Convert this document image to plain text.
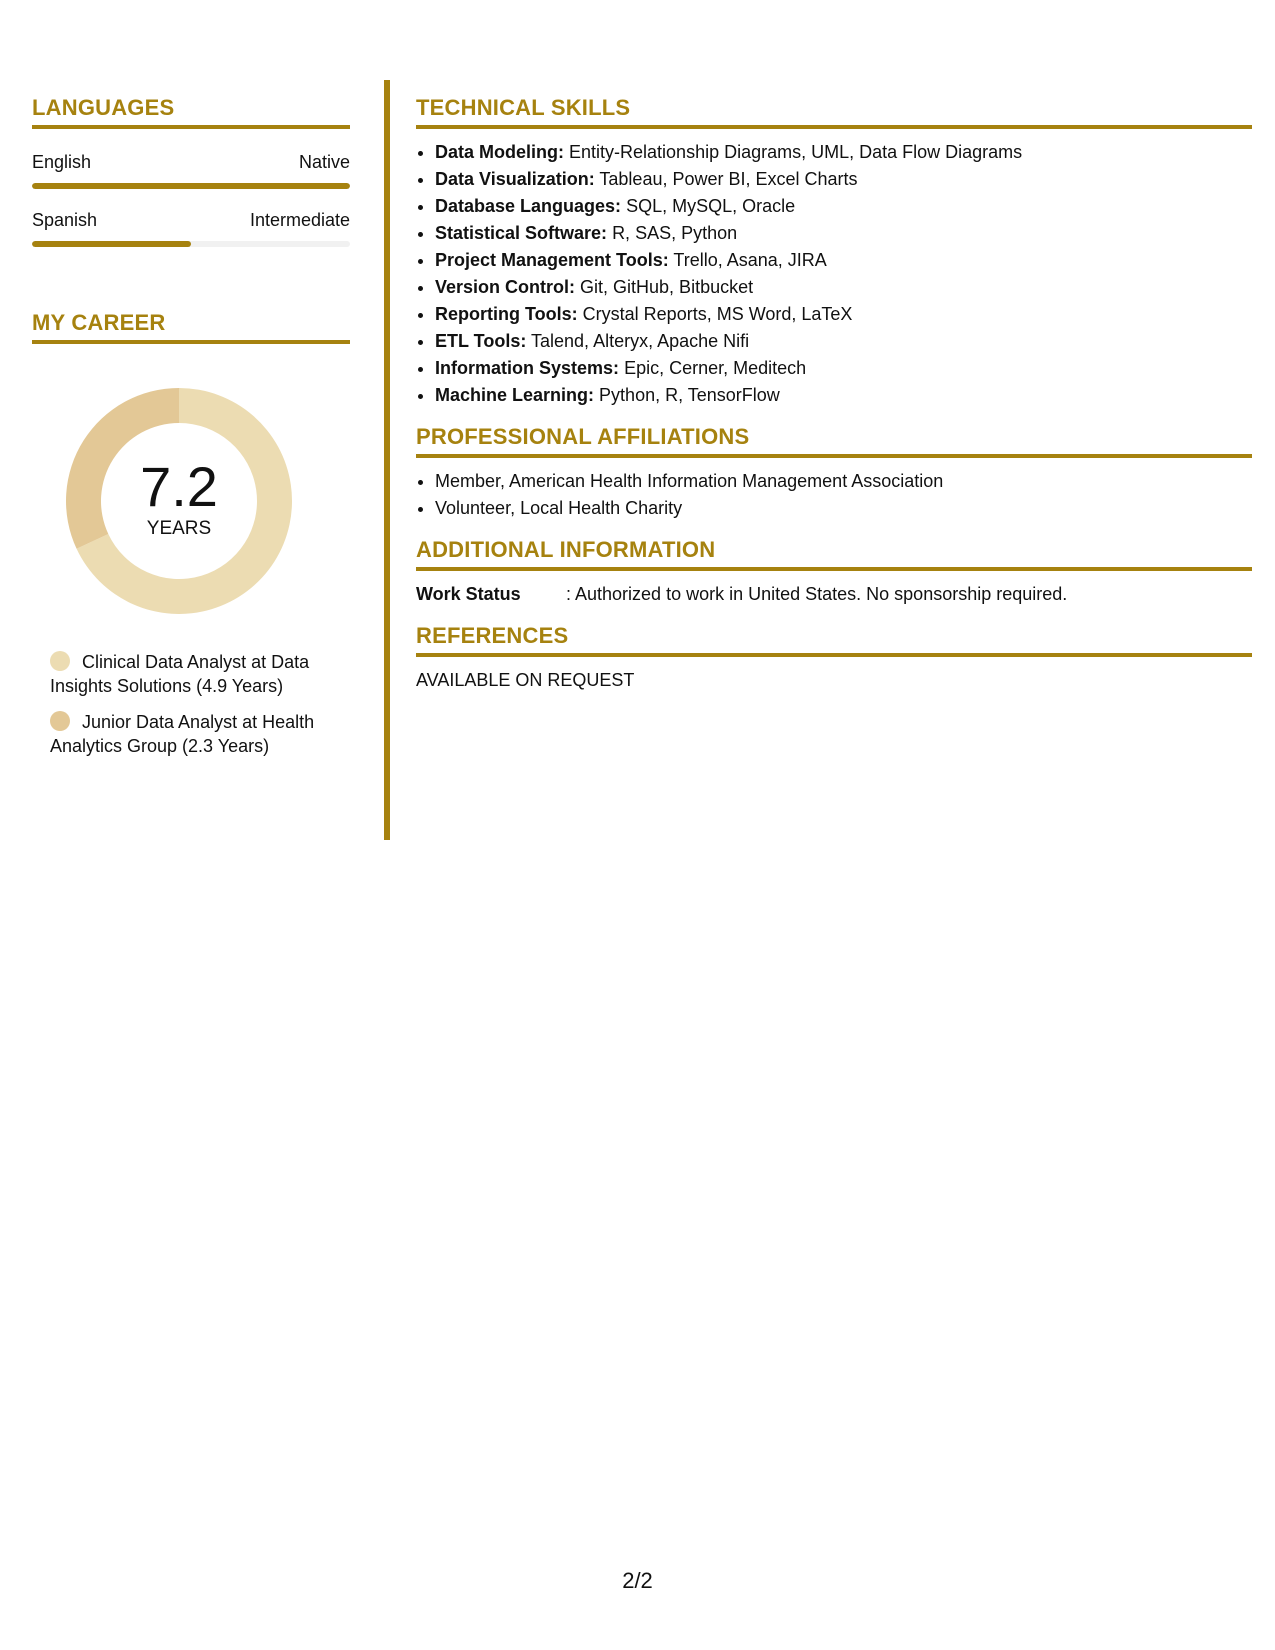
LANGUAGES
English	Native
Spanish	Intermediate
MY CAREER
7.2
YEARS
Clinical Data Analyst at Data Insights Solutions (4.9 Years)
Junior Data Analyst at Health Analytics Group (2.3 Years)
TECHNICAL SKILLS
• Data Modeling: Entity-Relationship Diagrams, UML, Data Flow Diagrams
• Data Visualization: Tableau, Power BI, Excel Charts
• Database Languages: SQL, MySQL, Oracle
• Statistical Software: R, SAS, Python
• Project Management Tools: Trello, Asana, JIRA
• Version Control: Git, GitHub, Bitbucket
• Reporting Tools: Crystal Reports, MS Word, LaTeX
• ETL Tools: Talend, Alteryx, Apache Nifi
• Information Systems: Epic, Cerner, Meditech
• Machine Learning: Python, R, TensorFlow
PROFESSIONAL AFFILIATIONS
• Member, American Health Information Management Association
• Volunteer, Local Health Charity
ADDITIONAL INFORMATION
Work Status	: Authorized to work in United States. No sponsorship required.
REFERENCES
AVAILABLE ON REQUEST
2/2
